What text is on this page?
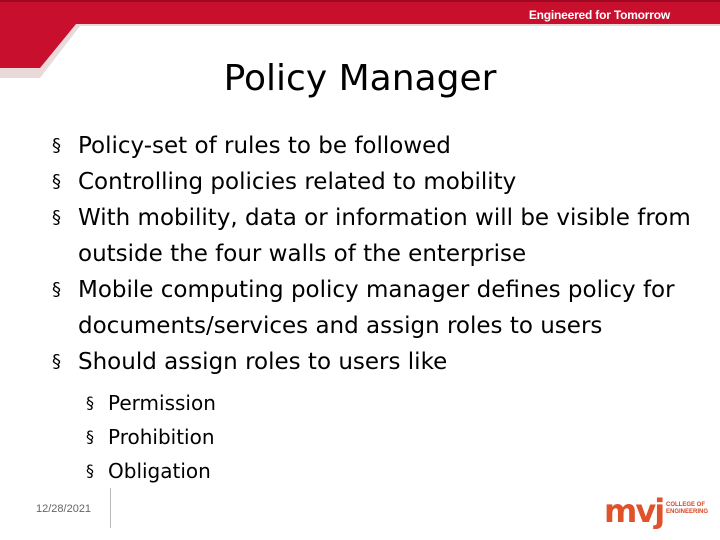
Engineered for Tomorrow
Policy Manager
§ Policy-set of rules to be followed
§ Controlling policies related to mobility
§ With mobility, data or information will be visible from outside the four walls of the enterprise
§ Mobile computing policy manager defines policy for documents/services and assign roles to users
§ Should assign roles to users like
§ Permission
§ Prohibition
§ Obligation
12/28/2021	mvj COLLEGE OF
ENGINEERING
